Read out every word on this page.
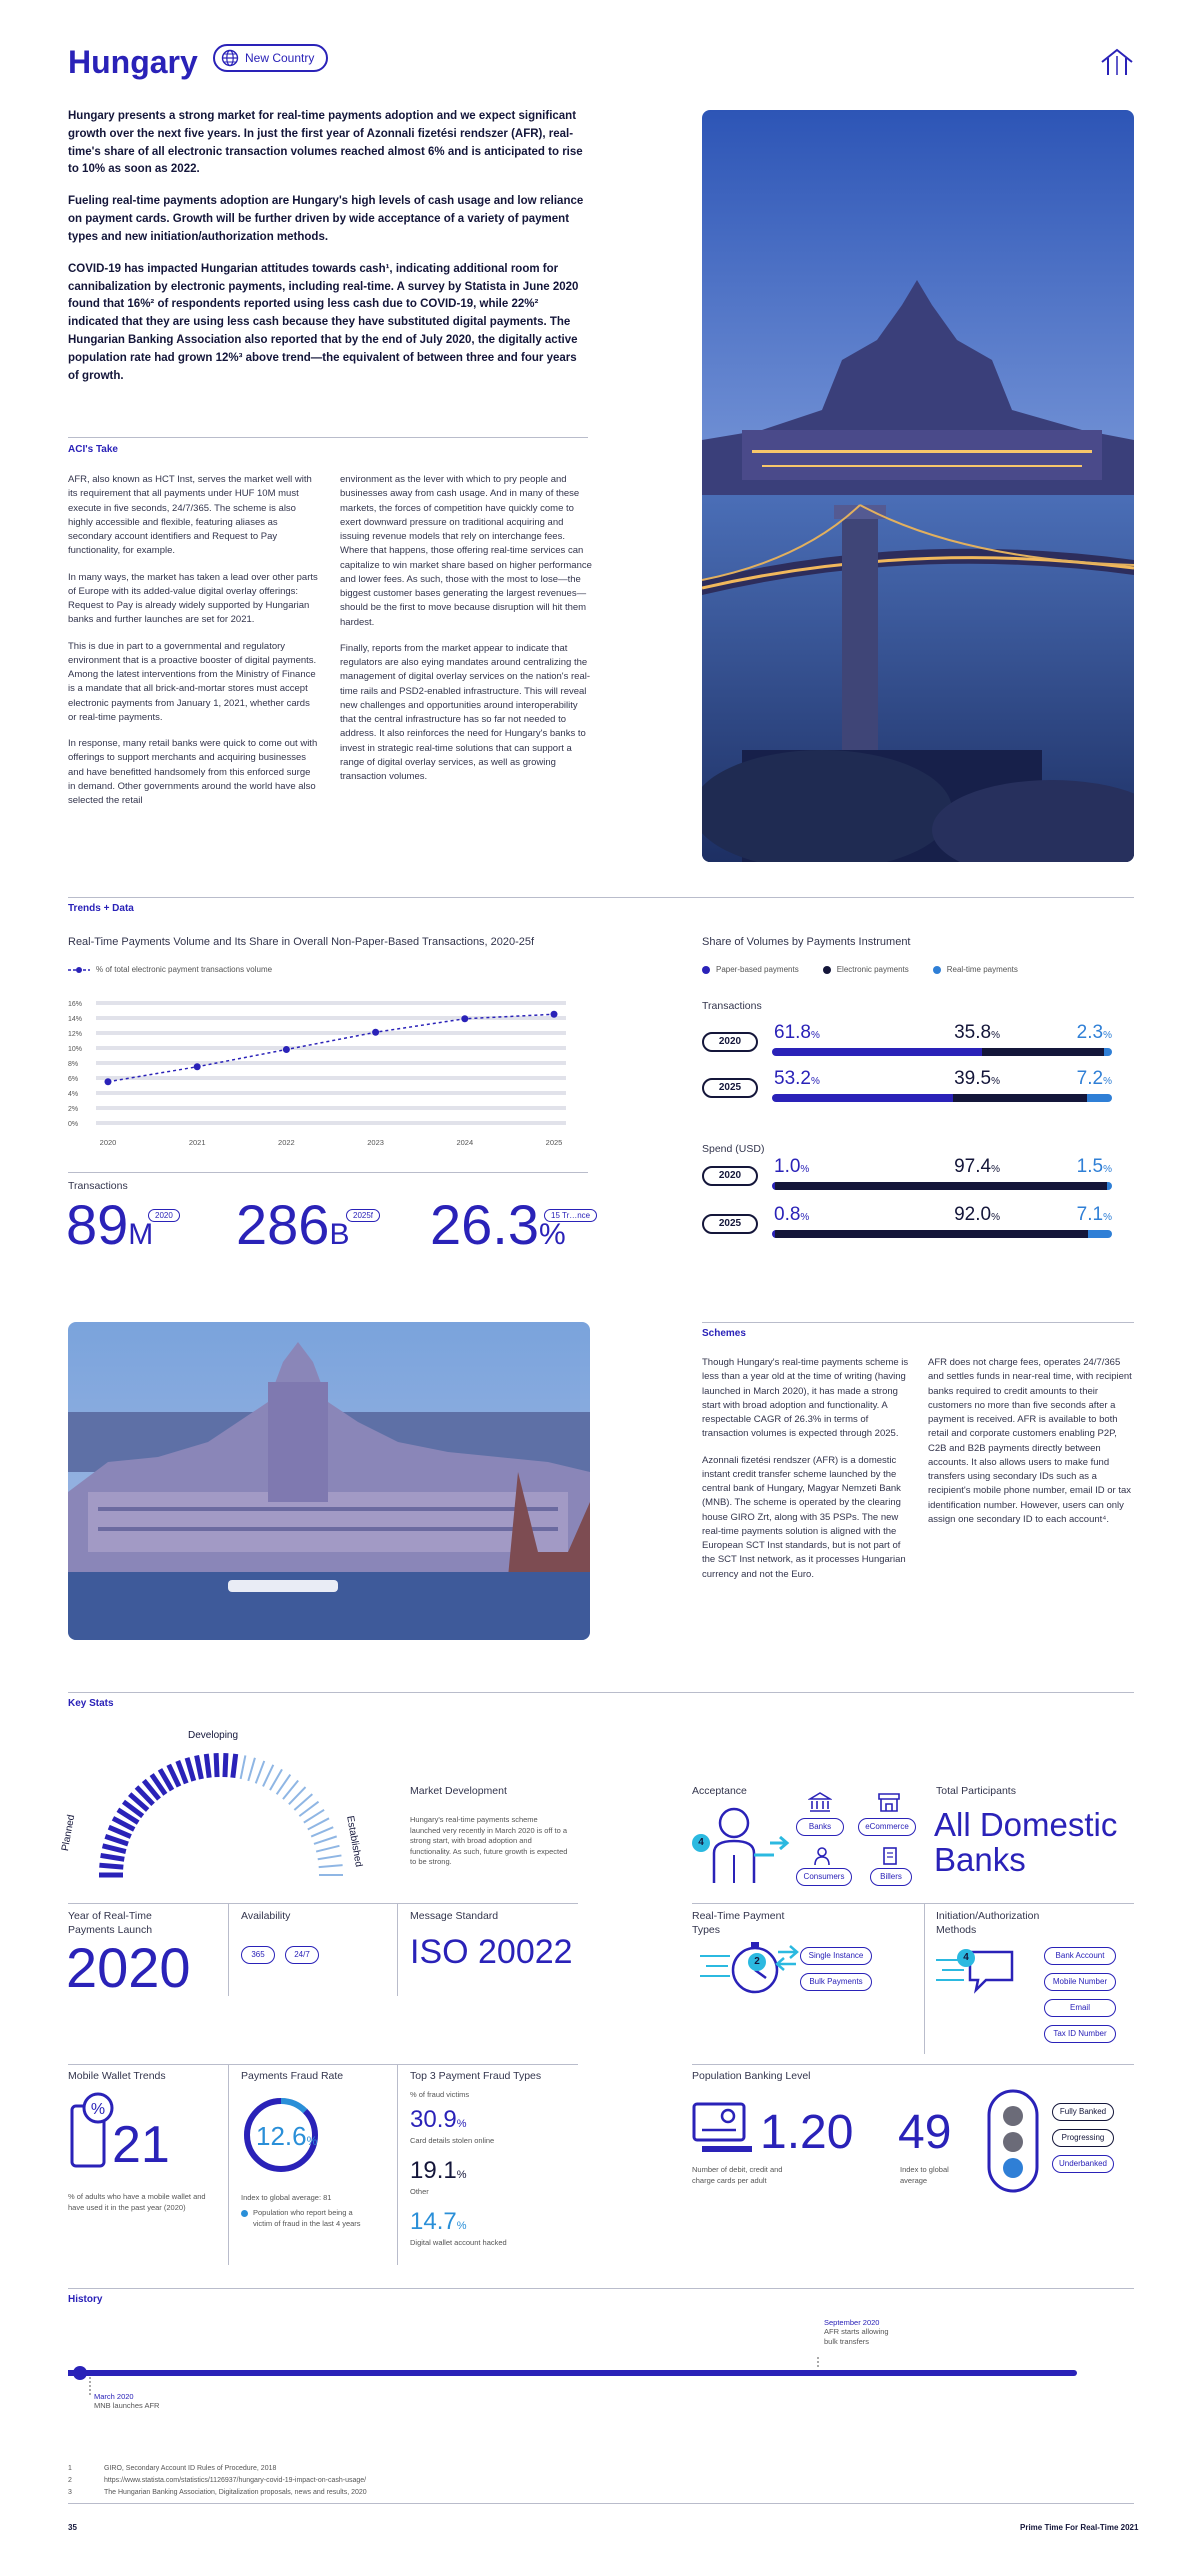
Hungary	New Country

Hungary presents a strong market for real-time payments adoption and we expect significant growth over the next five years. In just the first year of Azonnali fizetési rendszer (AFR), real-time's share of all electronic transaction volumes reached almost 6% and is anticipated to rise to 10% as soon as 2022.

Fueling real-time payments adoption are Hungary's high levels of cash usage and low reliance on payment cards. Growth will be further driven by wide acceptance of a variety of payment types and new initiation/authorization methods.

COVID-19 has impacted Hungarian attitudes towards cash¹, indicating additional room for cannibalization by electronic payments, including real-time. A survey by Statista in June 2020 found that 16%² of respondents reported using less cash due to COVID-19, while 22%² indicated that they are using less cash because they have substituted digital payments. The Hungarian Banking Association also reported that by the end of July 2020, the digitally active population rate had grown 12%³ above trend—the equivalent of between three and four years of growth.

ACI's Take

AFR, also known as HCT Inst, serves the market well with its requirement that all payments under HUF 10M must execute in five seconds, 24/7/365. The scheme is also highly accessible and flexible, featuring aliases as secondary account identifiers and Request to Pay functionality, for example.

In many ways, the market has taken a lead over other parts of Europe with its added-value digital overlay offerings: Request to Pay is already widely supported by Hungarian banks and further launches are set for 2021.

This is due in part to a governmental and regulatory environment that is a proactive booster of digital payments. Among the latest interventions from the Ministry of Finance is a mandate that all brick-and-mortar stores must accept electronic payments from January 1, 2021, whether cards or real-time payments.

In response, many retail banks were quick to come out with offerings to support merchants and acquiring businesses and have benefitted handsomely from this enforced surge in demand. Other governments around the world have also selected the retail

environment as the lever with which to pry people and businesses away from cash usage. And in many of these markets, the forces of competition have quickly come to exert downward pressure on traditional acquiring and issuing revenue models that rely on interchange fees. Where that happens, those offering real-time services can capitalize to win market share based on higher performance and lower fees. As such, those with the most to lose—the biggest customer bases generating the largest revenues—should be the first to move because disruption will hit them hardest.

Finally, reports from the market appear to indicate that regulators are also eying mandates around centralizing the management of digital overlay services on the nation's real-time rails and PSD2-enabled infrastructure. This will reveal new challenges and opportunities around interoperability that the central infrastructure has so far not needed to address. It also reinforces the need for Hungary's banks to invest in strategic real-time solutions that can support a range of digital overlay services, as well as growing transaction volumes.

Trends + Data
Real-Time Payments Volume and Its Share in Overall Non-Paper-Based Transactions, 2020-25f
% of total electronic payment transactions volume
16%
14%
12%
10%
8%
6%
4%
2%
0%
2020	2021	2022	2023	2024	2025
Transactions
89M
2020 286B
2025f 26.3%
15 Tr…nce
Share of Volumes by Payments Instrument
Paper-based payments	Electronic payments	Real-time payments
Transactions
Spend (USD)
2020	61.8%	35.8%	2.3%
2025	53.2%	39.5%	7.2%
2020	1.0%	97.4%	1.5%
2025	0.8%	92.0%	7.1%
Schemes

Though Hungary's real-time payments scheme is less than a year old at the time of writing (having launched in March 2020), it has made a strong start with broad adoption and functionality. A respectable CAGR of 26.3% in terms of transaction volumes is expected through 2025.

Azonnali fizetési rendszer (AFR) is a domestic instant credit transfer scheme launched by the central bank of Hungary, Magyar Nemzeti Bank (MNB). The scheme is operated by the clearing house GIRO Zrt, along with 35 PSPs. The new real-time payments solution is aligned with the European SCT Inst standards, but is not part of the SCT Inst network, as it processes Hungarian currency and not the Euro.

AFR does not charge fees, operates 24/7/365 and settles funds in near-real time, with recipient banks required to credit amounts to their customers no more than five seconds after a payment is received. AFR is available to both retail and corporate customers enabling P2P, C2B and B2B payments directly between accounts. It also allows users to make fund transfers using secondary IDs such as a recipient's mobile phone number, email ID or tax identification number. However, users can only assign one secondary ID to each account⁴.

Key Stats
Developing
Planned	Established
Market Development
Hungary's real-time payments scheme launched very recently in March 2020 is off to a strong start, with broad adoption and functionality. As such, future growth is expected to be strong.
Acceptance
4
Banks	eCommerce
Consumers	Billers
Total Participants
All Domestic Banks
Year of Real-Time Payments Launch
2020
Availability
365	24/7
Message Standard
ISO 20022
Real-Time Payment Types
2
Single Instance
Bulk Payments
Initiation/Authorization Methods
4	Bank Account
Mobile Number
Email
Tax ID Number
Mobile Wallet Trends
%
21
% of adults who have a mobile wallet and have used it in the past year (2020)
Payments Fraud Rate
12.6%
Index to global average: 81
Population who report being a victim of fraud in the last 4 years
Top 3 Payment Fraud Types
% of fraud victims
30.9%
Card details stolen online
19.1%
Other
14.7%
Digital wallet account hacked
Population Banking Level
1.20
Number of debit, credit and charge cards per adult
49
Index to global average
Fully Banked
Progressing
Underbanked
History
March 2020
MNB launches AFR
September 2020
AFR starts allowing bulk transfers
1	GIRO, Secondary Account ID Rules of Procedure, 2018
2	https://www.statista.com/statistics/1126937/hungary-covid-19-impact-on-cash-usage/
3	The Hungarian Banking Association, Digitalization proposals, news and results, 2020
35	Prime Time For Real-Time 2021
